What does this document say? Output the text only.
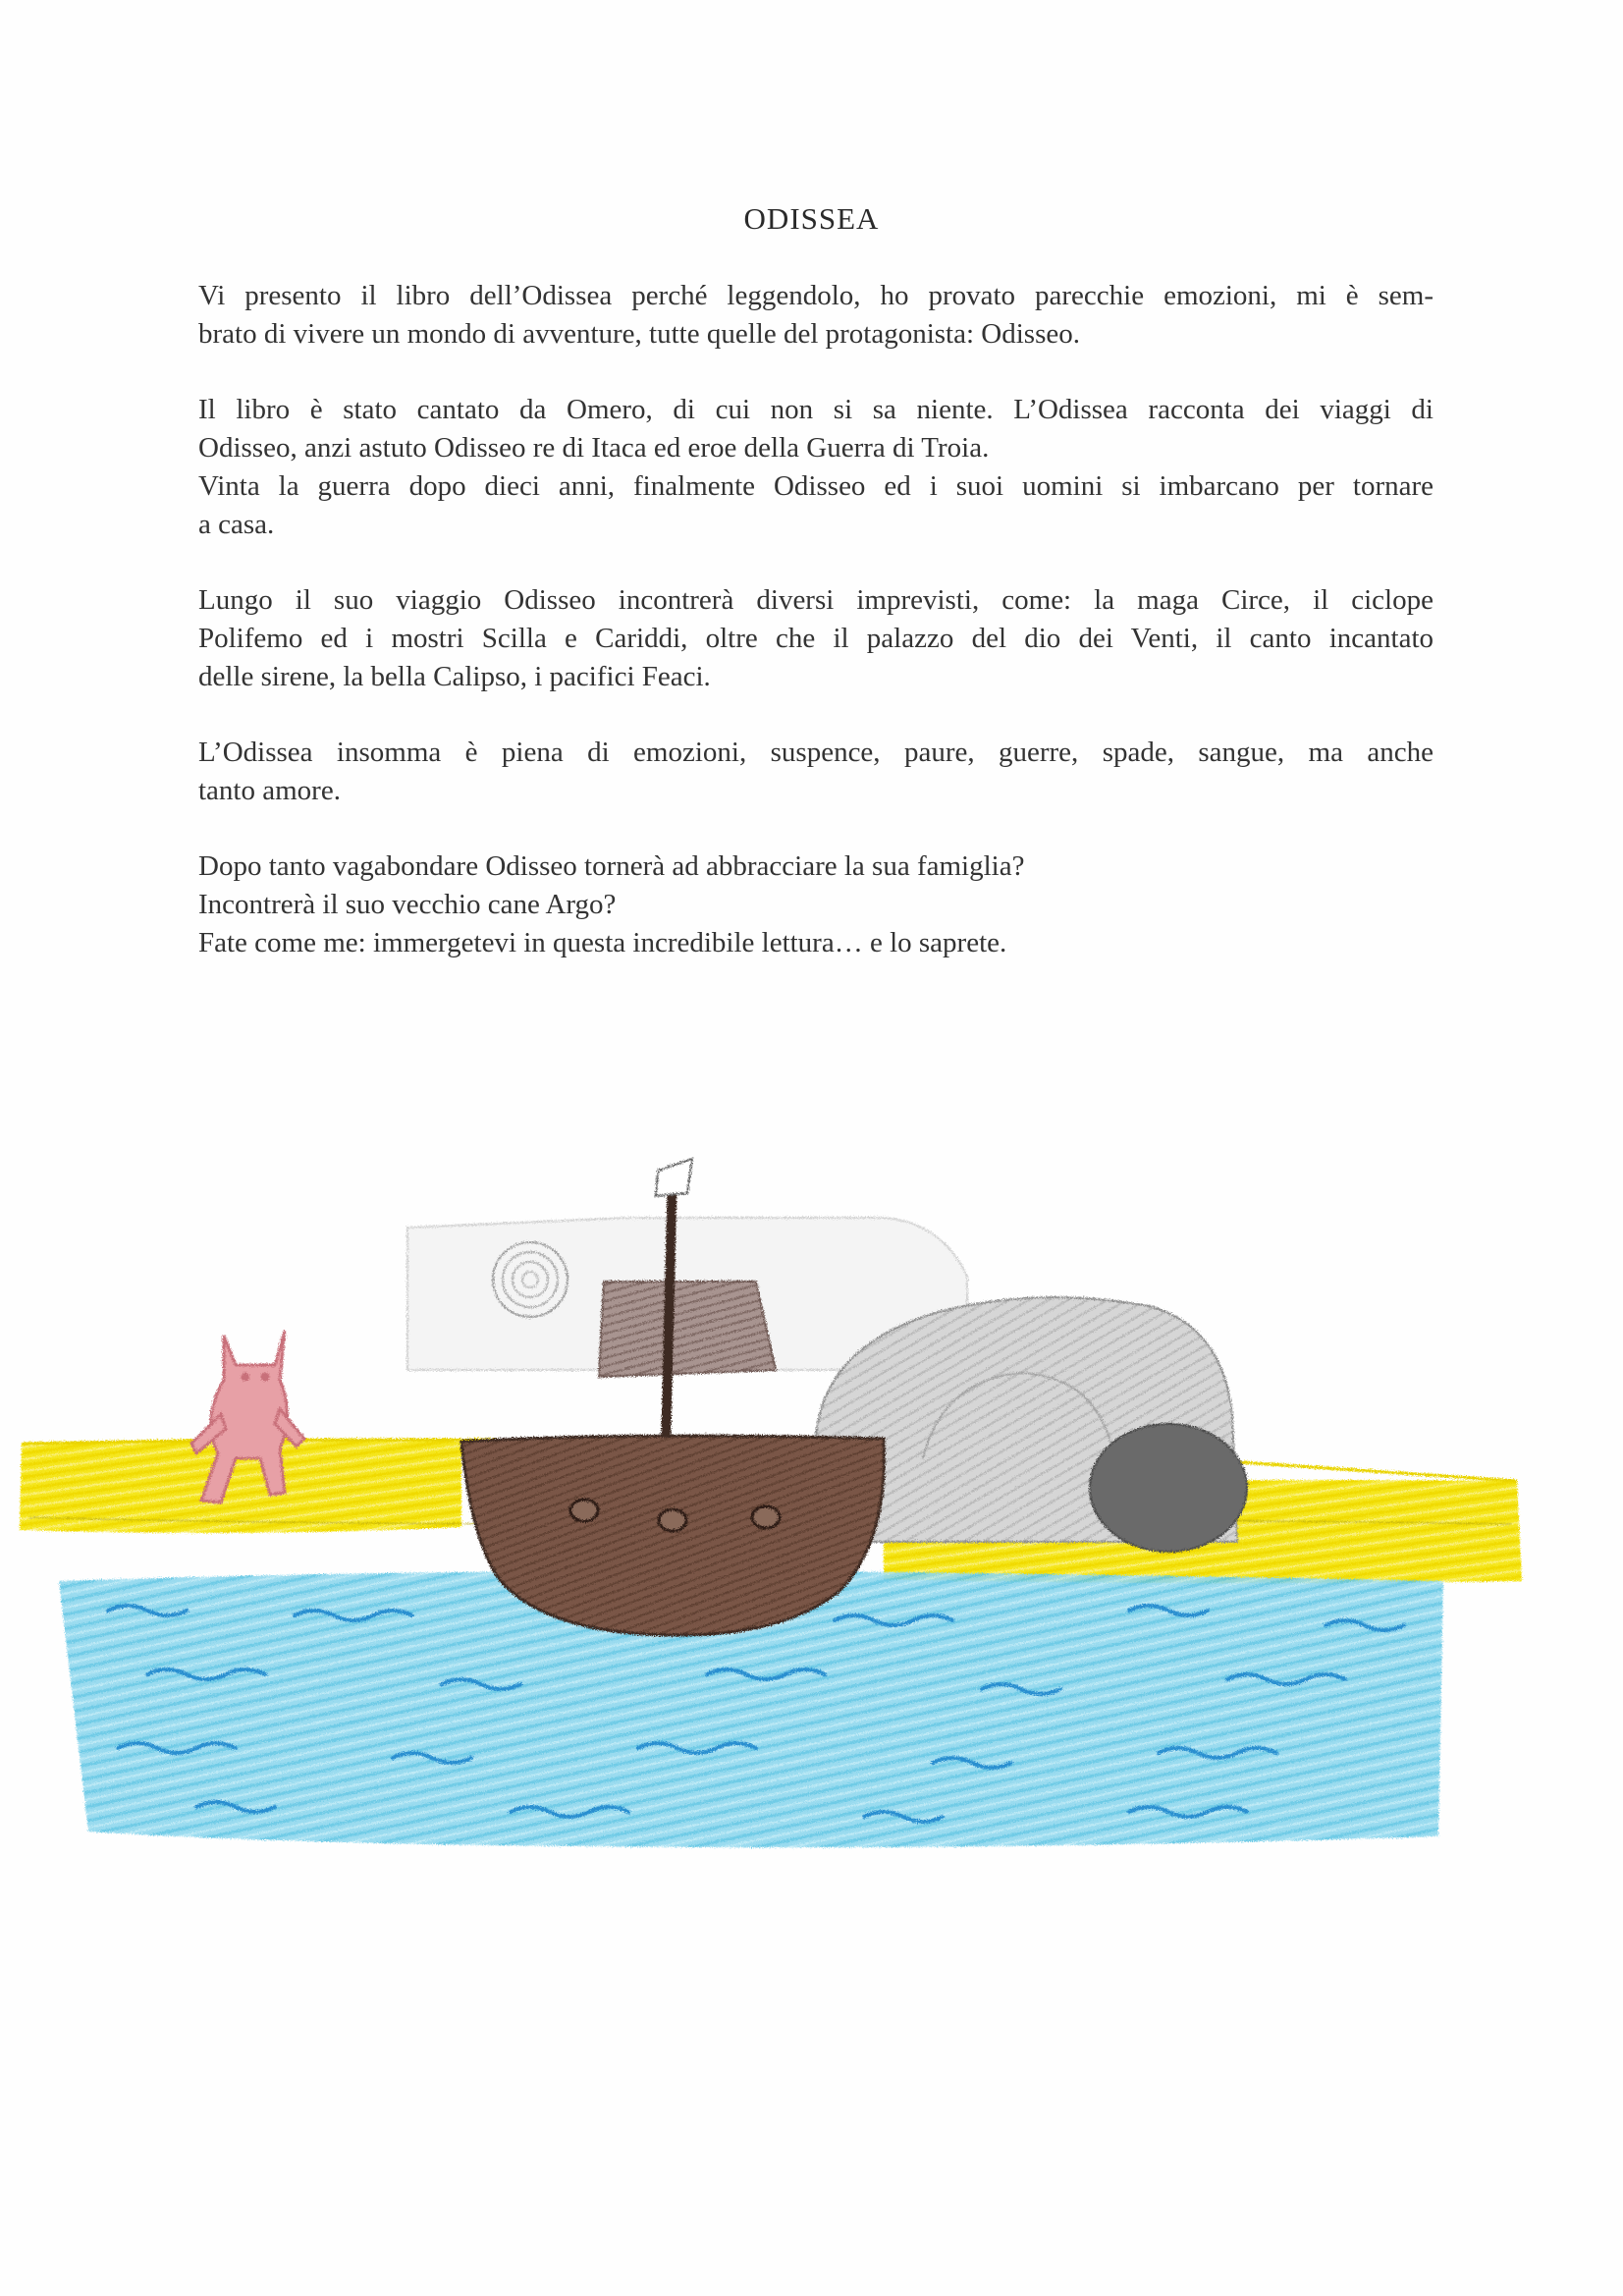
ODISSEA
Vi presento il libro dell’Odissea perché leggendolo, ho provato parecchie emozioni, mi è sem-
brato di vivere un mondo di avventure, tutte quelle del protagonista: Odisseo.
Il libro è stato cantato da Omero, di cui non si sa niente. L’Odissea racconta dei viaggi di
Odisseo, anzi astuto Odisseo re di Itaca ed eroe della Guerra di Troia.
Vinta la guerra dopo dieci anni, finalmente Odisseo ed i suoi uomini si imbarcano per tornare
a casa.
Lungo il suo viaggio Odisseo incontrerà diversi imprevisti, come: la maga Circe, il ciclope
Polifemo ed i mostri Scilla e Cariddi, oltre che il palazzo del dio dei Venti, il canto incantato
delle sirene, la bella Calipso, i pacifici Feaci.
L’Odissea insomma è piena di emozioni, suspence, paure, guerre, spade, sangue, ma anche
tanto amore.
Dopo tanto vagabondare Odisseo tornerà ad abbracciare la sua famiglia?
Incontrerà il suo vecchio cane Argo?
Fate come me: immergetevi in questa incredibile lettura… e lo saprete.
